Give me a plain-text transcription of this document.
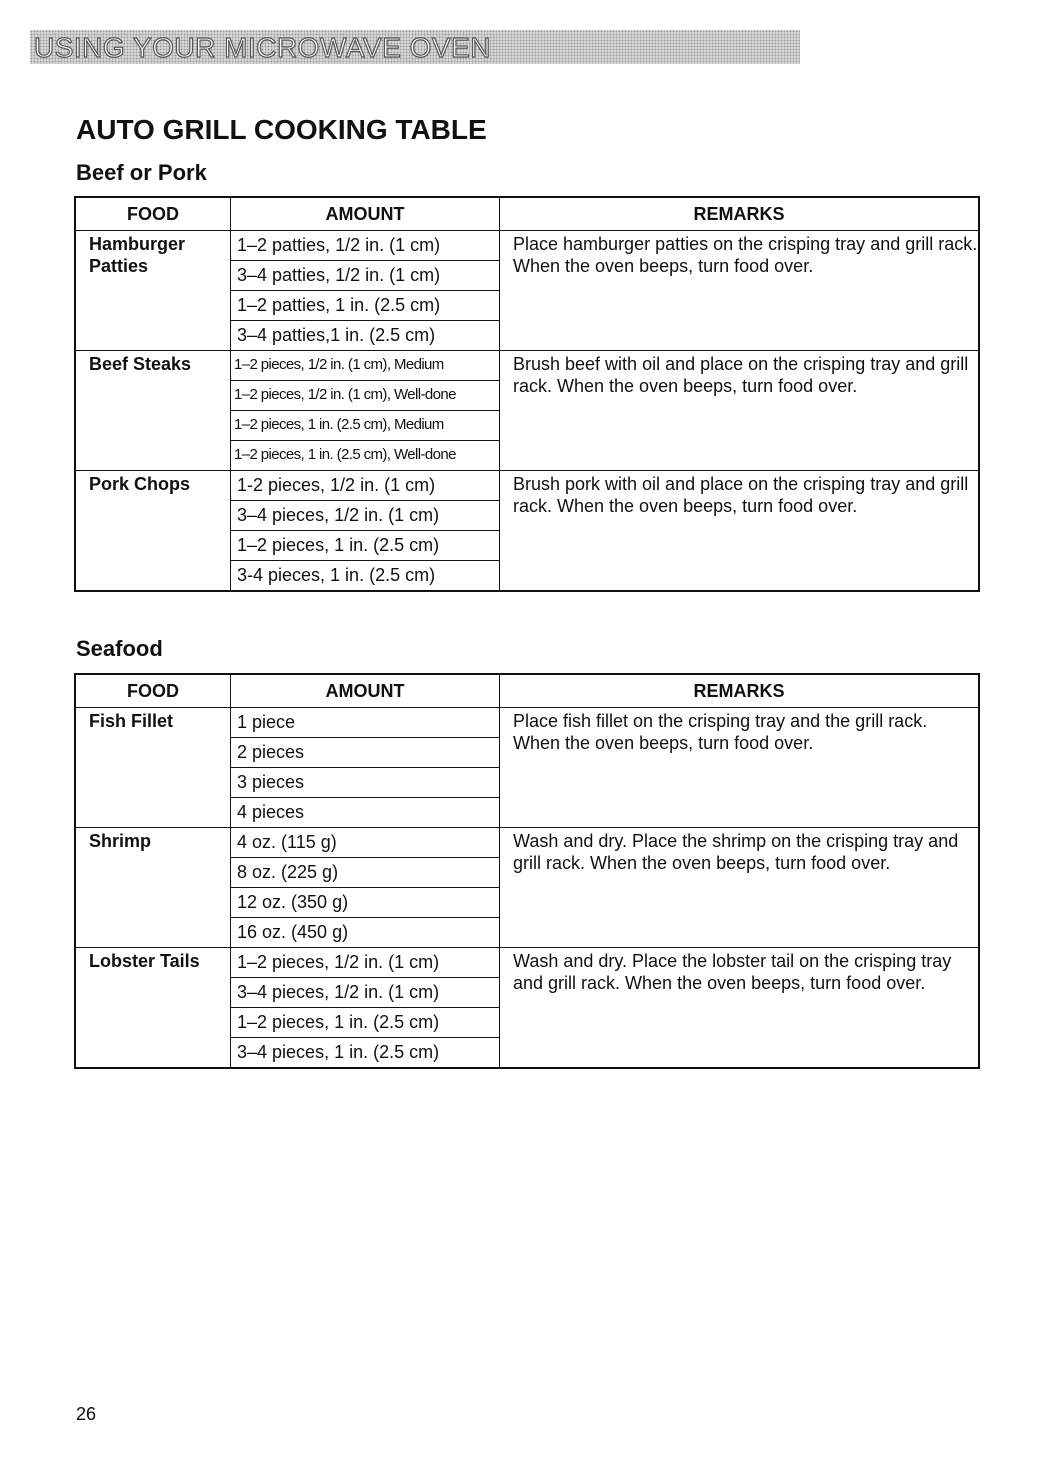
USING YOUR MICROWAVE OVEN
AUTO GRILL COOKING TABLE
Beef or Pork
FOOD	AMOUNT	REMARKS
Hamburger Patties	1–2 patties, 1/2 in. (1 cm)
3–4 patties, 1/2 in. (1 cm)
1–2 patties, 1 in. (2.5 cm)
3–4 patties,1 in. (2.5 cm)	Place hamburger patties on the crisping tray and grill rack. When the oven beeps, turn food over.
Beef Steaks	1–2 pieces, 1/2 in. (1 cm), Medium
1–2 pieces, 1/2 in. (1 cm), Well-done
1–2 pieces, 1 in. (2.5 cm), Medium
1–2 pieces, 1 in. (2.5 cm), Well-done	Brush beef with oil and place on the crisping tray and grill rack. When the oven beeps, turn food over.
Pork Chops	1-2 pieces, 1/2 in. (1 cm)
3–4 pieces, 1/2 in. (1 cm)
1–2 pieces, 1 in. (2.5 cm)
3-4 pieces, 1 in. (2.5 cm)	Brush pork with oil and place on the crisping tray and grill rack. When the oven beeps, turn food over.
Seafood
FOOD	AMOUNT	REMARKS
Fish Fillet	1 piece
2 pieces
3 pieces
4 pieces	Place fish fillet on the crisping tray and the grill rack. When the oven beeps, turn food over.
Shrimp	4 oz. (115 g)
8 oz. (225 g)
12 oz. (350 g)
16 oz. (450 g)	Wash and dry. Place the shrimp on the crisping tray and grill rack. When the oven beeps, turn food over.
Lobster Tails	1–2 pieces, 1/2 in. (1 cm)
3–4 pieces, 1/2 in. (1 cm)
1–2 pieces, 1 in. (2.5 cm)
3–4 pieces, 1 in. (2.5 cm)	Wash and dry. Place the lobster tail on the crisping tray and grill rack. When the oven beeps, turn food over.
26
